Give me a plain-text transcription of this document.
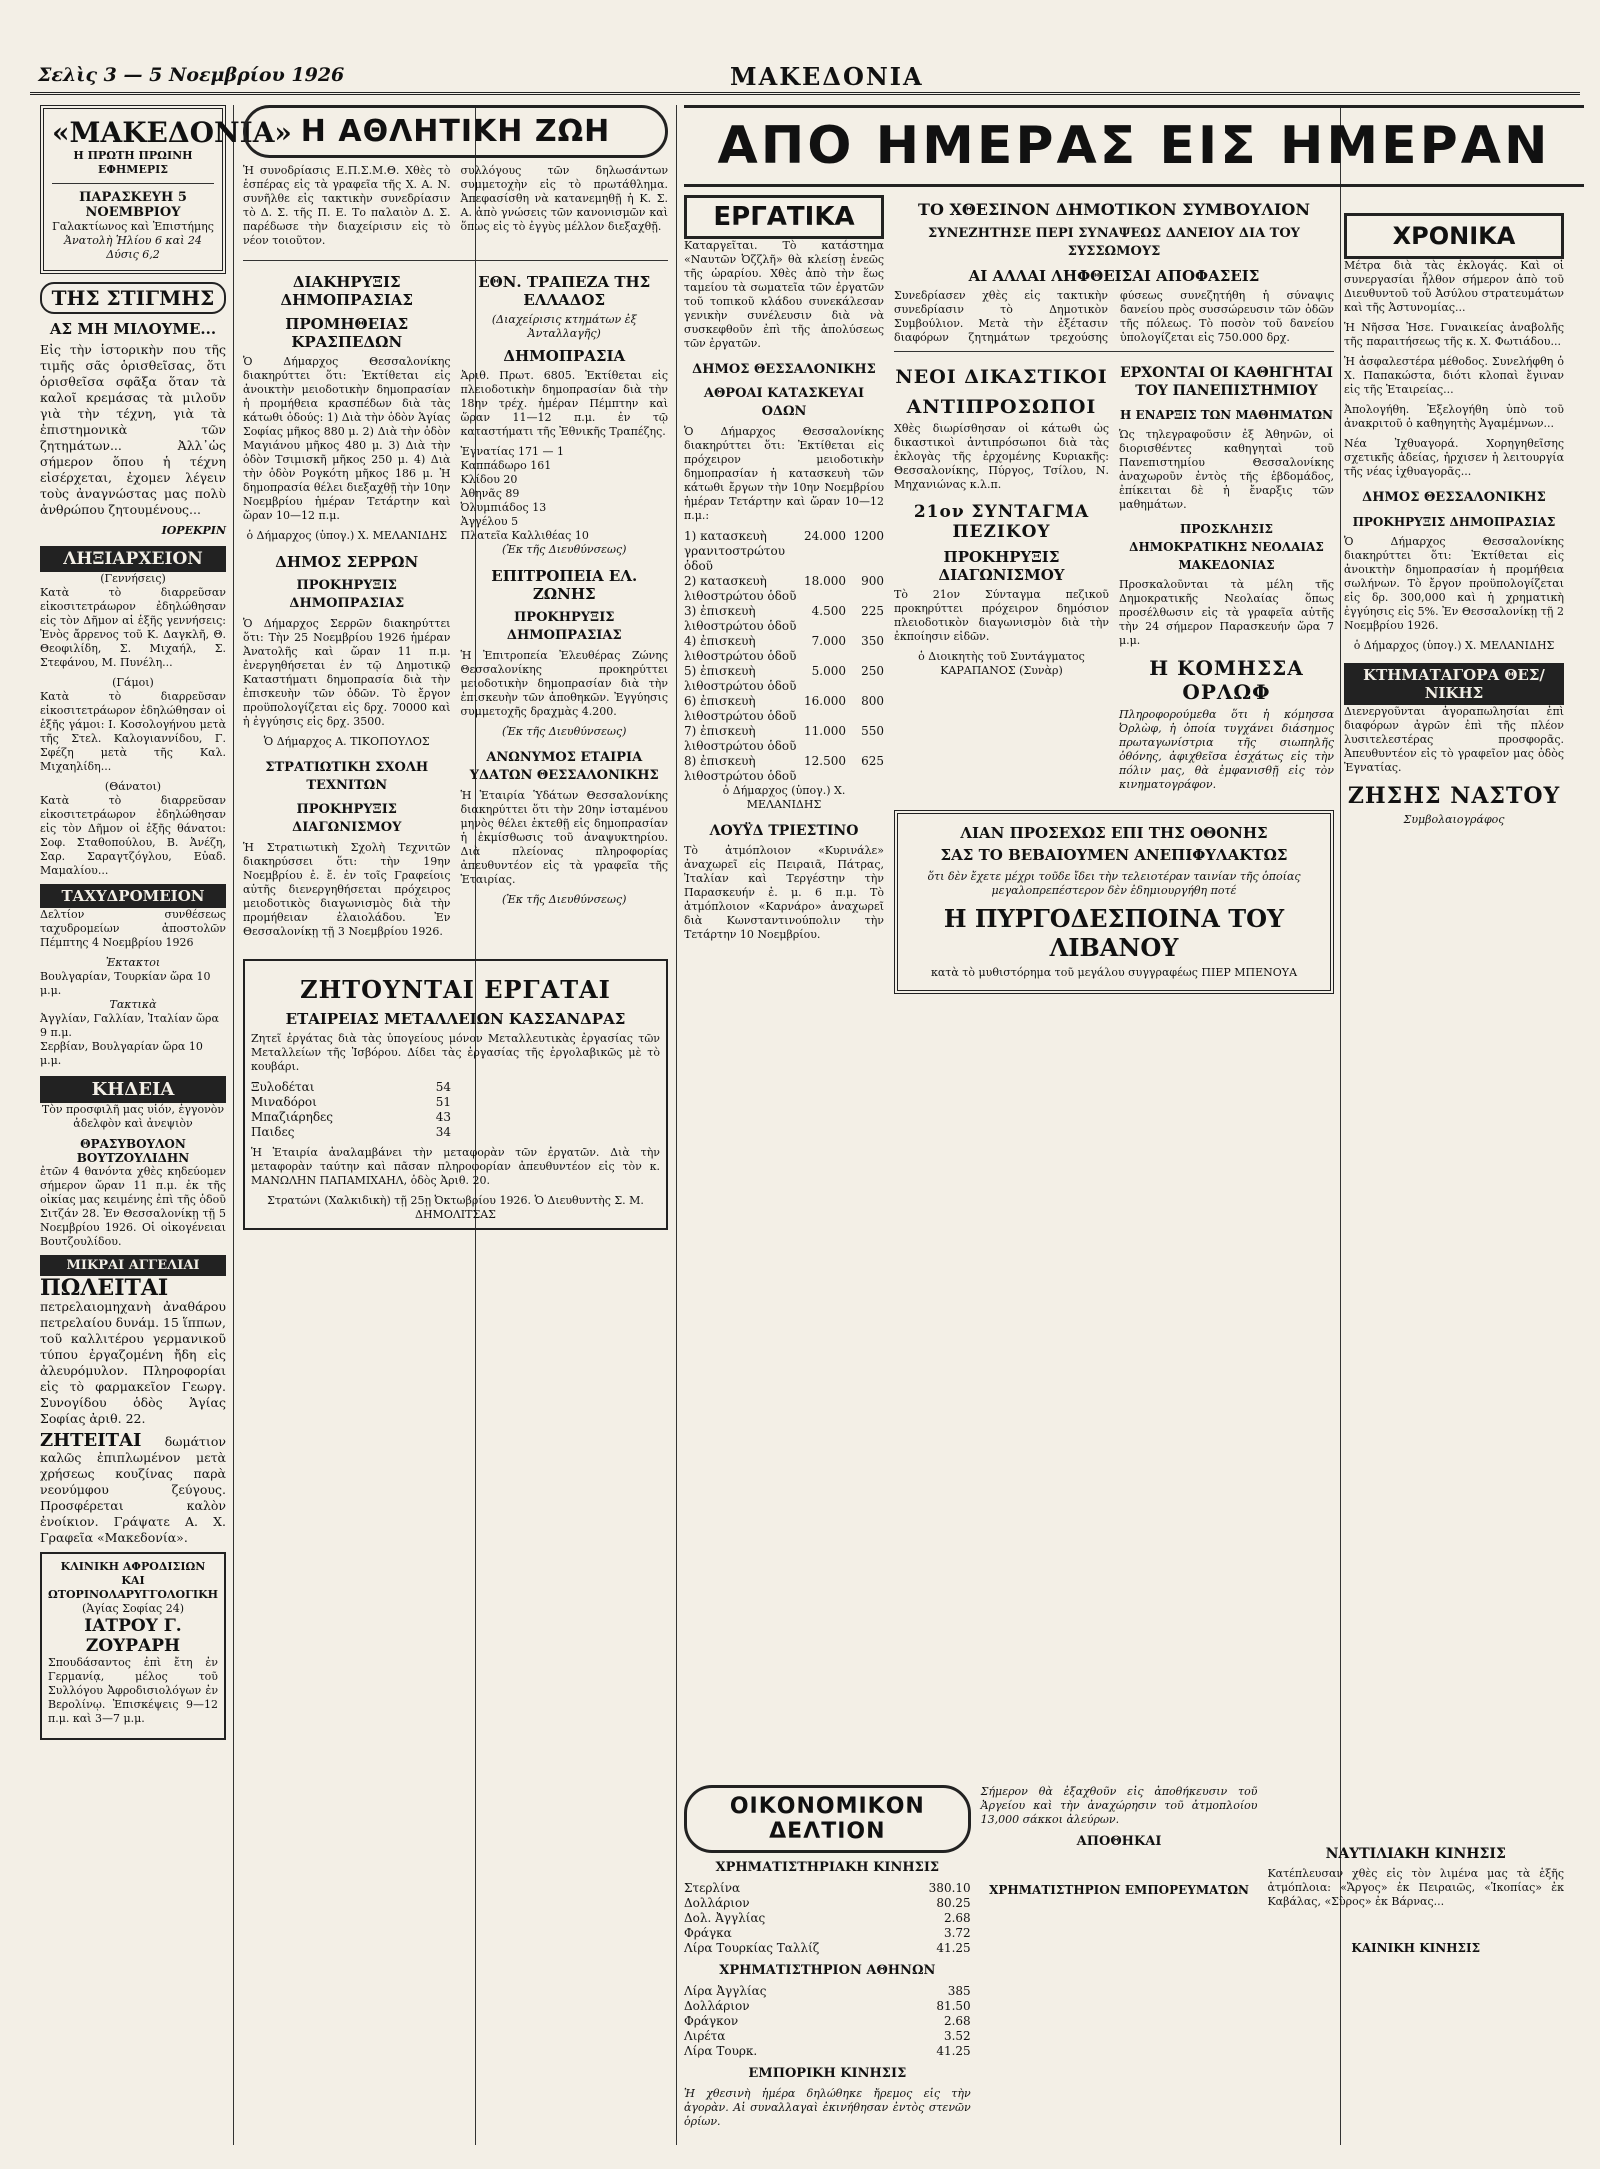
Σελὶς 3 — 5 Νοεμβρίου 1926	ΜΑΚΕΔΟΝΙΑ
«ΜΑΚΕΔΟΝΙΑ»
Η ΠΡΩΤΗ ΠΡΩΙΝΗ ΕΦΗΜΕΡΙΣ
ΠΑΡΑΣΚΕΥΗ 5 ΝΟΕΜΒΡΙΟΥ
Γαλακτίωνος καὶ Ἐπιστήμης
Ἀνατολὴ Ἡλίου 6 καὶ 24 Δύσις 6,2
ΤΗΣ ΣΤΙΓΜΗΣ
ΑΣ ΜΗ ΜΙΛΟΥΜΕ...

Εἰς τὴν ἱστορικὴν που τῆς τιμῆς σᾶς ὁρισθεῖσας, ὅτι ὁρισθεῖσα σφᾶξα ὅταν τὰ καλοῖ κρεμάσας τὰ μιλοῦν γιὰ τὴν τέχνη, γιὰ τὰ ἐπιστημονικὰ τῶν ζητημάτων... Ἀλλ᾽ὡς σήμερον ὅπου ἡ τέχνη εἰσέρχεται, ἐχομεν λέγειν τοὺς ἀναγνώστας μας πολὺ ἀνθρώπου ζητουμένους...

ΙΟΡΕΚΡΙΝ
ΛΗΞΙΑΡΧΕΙΟΝ
(Γεννήσεις)

Κατὰ τὸ διαρρεῦσαν εἰκοσιτετράωρον ἐδηλώθησαν εἰς τὸν Δῆμον αἱ ἑξῆς γεννήσεις: Ἐνὸς ἄρρενος τοῦ Κ. Δαγκλῆ, Θ. Θεοφιλίδη, Σ. Μιχαήλ, Σ. Στεφάνου, Μ. Πυνέλη...

(Γάμοι)

Κατὰ τὸ διαρρεῦσαν εἰκοσιτετράωρον ἐδηλώθησαν οἱ ἑξῆς γάμοι: Ι. Κοσολογήνου μετὰ τῆς Στελ. Καλογιαννίδου, Γ. Σφέζη μετὰ τῆς Καλ. Μιχαηλίδη...

(Θάνατοι)

Κατὰ τὸ διαρρεῦσαν εἰκοσιτετράωρον ἐδηλώθησαν εἰς τὸν Δῆμον οἱ ἑξῆς θάνατοι: Σοφ. Σταθοπούλου, Β. Ἀνέζη, Σαρ. Σαραγτζόγλου, Εὐαδ. Μαμαλίου...

ΤΑΧΥΔΡΟΜΕΙΟΝ

Δελτίον συνθέσεως ταχυδρομείων ἀποστολῶν Πέμπτης 4 Νοεμβρίου 1926

Ἐκτακτοι
Βουλγαρίαν, Τουρκίαν ὥρα 10 μ.μ.
Τακτικὰ
Ἀγγλίαν, Γαλλίαν, Ἰταλίαν ὥρα 9 π.μ.
Σερβίαν, Βουλγαρίαν ὥρα 10 μ.μ.
ΚΗΔΕΙΑ

Τὸν προσφιλῆ μας υἱόν, ἐγγονὸν ἀδελφὸν καὶ ἀνεψιὸν

ΘΡΑΣΥΒΟΥΛΟΝ ΒΟΥΤΖΟΥΛΙΔΗΝ

ἐτῶν 4 θανόντα χθὲς κηδεύομεν σήμερον ὥραν 11 π.μ. ἐκ τῆς οἰκίας μας κειμένης ἐπὶ τῆς ὁδοῦ Σιτζάν 28. Ἐν Θεσσαλονίκῃ τῇ 5 Νοεμβρίου 1926. Οἱ οἰκογένειαι Βουτζουλίδου.

ΜΙΚΡΑΙ ΑΓΓΕΛΙΑΙ

ΠΩΛΕΙΤΑΙ πετρελαιομηχανὴ ἀναθάρου πετρελαίου δυνάμ. 15 ἵππων, τοῦ καλλιτέρου γερμανικοῦ τύπου ἐργαζομένη ἤδη εἰς ἀλευρόμυλον. Πληροφορίαι εἰς τὸ φαρμακεῖον Γεωργ. Συνογίδου ὁδὸς Ἁγίας Σοφίας ἀριθ. 22.

ΖΗΤΕΙΤΑΙ δωμάτιον καλῶς ἐπιπλωμένον μετὰ χρήσεως κουζίνας παρὰ νεονύμφου ζεύγους. Προσφέρεται καλὸν ἐνοίκιον. Γράψατε Α. Χ. Γραφεῖα «Μακεδονία».

ΚΛΙΝΙΚΗ ΑΦΡΟΔΙΣΙΩΝ ΚΑΙ ΩΤΟΡΙΝΟΛΑΡΥΓΓΟΛΟΓΙΚΗ
(Ἁγίας Σοφίας 24)
ΙΑΤΡΟΥ Γ. ΖΟΥΡΑΡΗ

Σπουδάσαντος ἐπὶ ἔτη ἐν Γερμανίᾳ, μέλος τοῦ Συλλόγου Ἀφροδισιολόγων ἐν Βερολίνῳ. Ἐπισκέψεις 9—12 π.μ. καὶ 3—7 μ.μ.

Η ΑΘΛΗΤΙΚΗ ΖΩΗ

Ἡ συνοδρίασις Ε.Π.Σ.Μ.Θ. Χθὲς τὸ ἑσπέρας εἰς τὰ γραφεῖα τῆς Χ. Α. Ν. συνῆλθε εἰς τακτικὴν συνεδρίασιν τὸ Δ. Σ. τῆς Π. Ε. Το παλαιὸν Δ. Σ. παρέδωσε τὴν διαχείρισιν εἰς τὸ νέον τοιοῦτον.

συλλόγους τῶν δηλωσάντων συμμετοχὴν εἰς τὸ πρωτάθλημα. Ἀπεφασίσθη νὰ κατανεμηθῇ ἡ Κ. Σ. Α. ἀπὸ γνώσεις τῶν κανονισμῶν καὶ ὅπως εἰς τὸ ἐγγὺς μέλλον διεξαχθῇ.

ΔΙΑΚΗΡΥΞΙΣ ΔΗΜΟΠΡΑΣΙΑΣ
ΠΡΟΜΗΘΕΙΑΣ ΚΡΑΣΠΕΔΩΝ

Ὁ Δήμαρχος Θεσσαλονίκης διακηρύττει ὅτι: Ἐκτίθεται εἰς ἀνοικτὴν μειοδοτικὴν δημοπρασίαν ἡ προμήθεια κρασπέδων διὰ τὰς κάτωθι ὁδούς: 1) Διὰ τὴν ὁδὸν Ἁγίας Σοφίας μῆκος 880 μ. 2) Διὰ τὴν ὁδὸν Μαγιάνου μῆκος 480 μ. 3) Διὰ τὴν ὁδὸν Τσιμισκῆ μῆκος 250 μ. 4) Διὰ τὴν ὁδὸν Ρογκότη μῆκος 186 μ. Ἡ δημοπρασία θέλει διεξαχθῇ τὴν 10ην Νοεμβρίου ἡμέραν Τετάρτην καὶ ὥραν 10—12 π.μ.

ὁ Δήμαρχος (ὑπογ.) Χ. ΜΕΛΑΝΙΔΗΣ
ΔΗΜΟΣ ΣΕΡΡΩΝ
ΠΡΟΚΗΡΥΞΙΣ ΔΗΜΟΠΡΑΣΙΑΣ

Ὁ Δήμαρχος Σερρῶν διακηρύττει ὅτι: Τὴν 25 Νοεμβρίου 1926 ἡμέραν Ἀνατολῆς καὶ ὥραν 11 π.μ. ἐνεργηθήσεται ἐν τῷ Δημοτικῷ Καταστήματι δημοπρασία διὰ τὴν ἐπισκευὴν τῶν ὁδῶν. Τὸ ἔργον προϋπολογίζεται εἰς δρχ. 70000 καὶ ἡ ἐγγύησις εἰς δρχ. 3500.

Ὁ Δήμαρχος Α. ΤΙΚΟΠΟΥΛΟΣ
ΣΤΡΑΤΙΩΤΙΚΗ ΣΧΟΛΗ ΤΕΧΝΙΤΩΝ
ΠΡΟΚΗΡΥΞΙΣ ΔΙΑΓΩΝΙΣΜΟΥ

Ἡ Στρατιωτικὴ Σχολὴ Τεχνιτῶν διακηρύσσει ὅτι: τὴν 19ην Νοεμβρίου ἐ. ἔ. ἐν τοῖς Γραφείοις αὐτῆς διενεργηθήσεται πρόχειρος μειοδοτικὸς διαγωνισμὸς διὰ τὴν προμήθειαν ἐλαιολάδου. Ἐν Θεσσαλονίκῃ τῇ 3 Νοεμβρίου 1926.

ΕΘΝ. ΤΡΑΠΕΖΑ ΤΗΣ ΕΛΛΑΔΟΣ
(Διαχείρισις κτημάτων ἐξ Ἀνταλλαγῆς)
ΔΗΜΟΠΡΑΣΙΑ

Ἀριθ. Πρωτ. 6805. Ἐκτίθεται εἰς πλειοδοτικὴν δημοπρασίαν διὰ τὴν 18ην τρέχ. ἡμέραν Πέμπτην καὶ ὥραν 11—12 π.μ. ἐν τῷ καταστήματι τῆς Ἐθνικῆς Τραπέζης.

Ἐγνατίας 171 — 1
Καππάδωρο 161
Κλίδου 20
Ἀθηνᾶς 89
Ὀλυμπιάδος 13
Ἀγγέλου 5
Πλατεῖα Καλλιθέας 10
(Ἐκ τῆς Διευθύνσεως)
ΕΠΙΤΡΟΠΕΙΑ ΕΛ. ΖΩΝΗΣ
ΠΡΟΚΗΡΥΞΙΣ ΔΗΜΟΠΡΑΣΙΑΣ

Ἡ Ἐπιτροπεία Ἐλευθέρας Ζώνης Θεσσαλονίκης προκηρύττει μειοδοτικὴν δημοπρασίαν διὰ τὴν ἐπισκευὴν τῶν ἀποθηκῶν. Ἐγγύησις συμμετοχῆς δραχμὰς 4.200.

(Ἐκ τῆς Διευθύνσεως)
ΑΝΩΝΥΜΟΣ ΕΤΑΙΡΙΑ ΥΔΑΤΩΝ ΘΕΣΣΑΛΟΝΙΚΗΣ

Ἡ Ἑταιρία Ὑδάτων Θεσσαλονίκης διακηρύττει ὅτι τὴν 20ην ἰσταμένου μηνὸς θέλει ἐκτεθῇ εἰς δημοπρασίαν ἡ ἐκμίσθωσις τοῦ ἀναψυκτηρίου. Διὰ πλείονας πληροφορίας ἀπευθυντέον εἰς τὰ γραφεῖα τῆς Ἑταιρίας.

(Ἐκ τῆς Διευθύνσεως)
ΖΗΤΟΥΝΤΑΙ ΕΡΓΑΤΑΙ
ΕΤΑΙΡΕΙΑΣ ΜΕΤΑΛΛΕΙΩΝ ΚΑΣΣΑΝΔΡΑΣ

Ζητεῖ ἐργάτας διὰ τὰς ὑπογείους μόνον Μεταλλευτικὰς ἐργασίας τῶν Μεταλλείων τῆς Ἰσβόρου. Δίδει τὰς ἐργασίας τῆς ἐργολαβικῶς μὲ τὸ κουβάρι.

Ξυλοδέται	54
Μιναδόροι	51
Μπαζιάρηδες	43
Παιδες	34

Ἡ Ἑταιρία ἀναλαμβάνει τὴν μεταφορὰν τῶν ἐργατῶν. Διὰ τὴν μεταφορὰν ταύτην καὶ πᾶσαν πληροφορίαν ἀπευθυντέον εἰς τὸν κ. ΜΑΝΩΛΗΝ ΠΑΠΑΜΙΧΑΗΛ, ὁδὸς Ἀριθ. 20.

Στρατώνι (Χαλκιδικὴ) τῇ 25ῃ Ὀκτωβρίου 1926. Ὁ Διευθυντὴς Σ. Μ. ΔΗΜΟΛΙΤΣΑΣ
ΑΠΟ ΗΜΕΡΑΣ ΕΙΣ ΗΜΕΡΑΝ
ΕΡΓΑΤΙΚΑ

Καταργεῖται. Τὸ κατάστημα «Ναυτῶν Ὀζζλῆ» θὰ κλείσῃ ἐνεῶς τῆς ὡραρίου. Χθὲς ἀπὸ τὴν ἕως ταμείου τὰ σωματεῖα τῶν ἐργατῶν τοῦ τοπικοῦ κλάδου συνεκάλεσαν γενικὴν συνέλευσιν διὰ νὰ συσκεφθοῦν ἐπὶ τῆς ἀπολύσεως τῶν ἐργατῶν.

ΔΗΜΟΣ ΘΕΣΣΑΛΟΝΙΚΗΣ
ΑΘΡΟΑΙ ΚΑΤΑΣΚΕΥΑΙ ΟΔΩΝ

Ὁ Δήμαρχος Θεσσαλονίκης διακηρύττει ὅτι: Ἐκτίθεται εἰς πρόχειρον μειοδοτικὴν δημοπρασίαν ἡ κατασκευὴ τῶν κάτωθι ἔργων τὴν 10ην Νοεμβρίου ἡμέραν Τετάρτην καὶ ὥραν 10—12 π.μ.:

1) κατασκευὴ γρανιτοστρώτου ὁδοῦ
24.000 1200
2) κατασκευὴ λιθοστρώτου ὁδοῦ
18.000	900
3) ἐπισκευὴ λιθοστρώτου ὁδοῦ
4.500	225
4) ἐπισκευὴ λιθοστρώτου ὁδοῦ
7.000	350
5) ἐπισκευὴ λιθοστρώτου ὁδοῦ
5.000	250
6) ἐπισκευὴ λιθοστρώτου ὁδοῦ
16.000	800
7) ἐπισκευὴ λιθοστρώτου ὁδοῦ
11.000	550
8) ἐπισκευὴ λιθοστρώτου ὁδοῦ
12.500	625
ὁ Δήμαρχος (ὑπογ.) Χ. ΜΕΛΑΝΙΔΗΣ
ΛΟΥΫΔ ΤΡΙΕΣΤΙΝΟ

Τὸ ἀτμόπλοιον «Κυρινάλε» ἀναχωρεῖ εἰς Πειραιᾶ, Πάτρας, Ἰταλίαν καὶ Τεργέστην τὴν Παρασκευήν ἐ. μ. 6 π.μ. Τὸ ἀτμόπλοιον «Καρνάρο» ἀναχωρεῖ διὰ Κωνσταντινούπολιν τὴν Τετάρτην 10 Νοεμβρίου.

ΤΟ ΧΘΕΣΙΝΟΝ ΔΗΜΟΤΙΚΟΝ ΣΥΜΒΟΥΛΙΟΝ
ΣΥΝΕΖΗΤΗΣΕ ΠΕΡΙ ΣΥΝΑΨΕΩΣ ΔΑΝΕΙΟΥ ΔΙΑ ΤΟΥ ΣΥΣΣΩΜΟΥΣ
ΑΙ ΑΛΛΑΙ ΛΗΦΘΕΙΣΑΙ ΑΠΟΦΑΣΕΙΣ

Συνεδρίασεν χθὲς εἰς τακτικὴν συνεδρίασιν τὸ Δημοτικὸν Συμβούλιον. Μετὰ τὴν ἐξέτασιν διαφόρων ζητημάτων τρεχούσης φύσεως συνεζητήθη ἡ σύναψις δανείου πρὸς συσσώρευσιν τῶν ὁδῶν τῆς πόλεως. Τὸ ποσὸν τοῦ δανείου ὑπολογίζεται εἰς 750.000 δρχ.

ΝΕΟΙ ΔΙΚΑΣΤΙΚΟΙ
ΑΝΤΙΠΡΟΣΩΠΟΙ

Χθὲς διωρίσθησαν οἱ κάτωθι ὡς δικαστικοὶ ἀντιπρόσωποι διὰ τὰς ἐκλογὰς τῆς ἐρχομένης Κυριακῆς: Θεσσαλονίκης, Πύργος, Τσίλου, Ν. Μηχανιώνας κ.λ.π.

21ον ΣΥΝΤΑΓΜΑ ΠΕΖΙΚΟΥ
ΠΡΟΚΗΡΥΞΙΣ ΔΙΑΓΩΝΙΣΜΟΥ

Τὸ 21ον Σύνταγμα πεζικοῦ προκηρύττει πρόχειρον δημόσιον πλειοδοτικὸν διαγωνισμὸν διὰ τὴν ἐκποίησιν εἰδῶν.

ὁ Διοικητὴς τοῦ Συντάγματος ΚΑΡΑΠΑΝΟΣ (Συνὰρ)
ΕΡΧΟΝΤΑΙ ΟΙ ΚΑΘΗΓΗΤΑΙ ΤΟΥ ΠΑΝΕΠΙΣΤΗΜΙΟΥ
Η ΕΝΑΡΞΙΣ ΤΩΝ ΜΑΘΗΜΑΤΩΝ

Ὡς τηλεγραφοῦσιν ἐξ Ἀθηνῶν, οἱ διορισθέντες καθηγηταὶ τοῦ Πανεπιστημίου Θεσσαλονίκης ἀναχωροῦν ἐντὸς τῆς ἑβδομάδος, ἐπίκειται δὲ ἡ ἔναρξις τῶν μαθημάτων.

ΠΡΟΣΚΛΗΣΙΣ ΔΗΜΟΚΡΑΤΙΚΗΣ ΝΕΟΛΑΙΑΣ ΜΑΚΕΔΟΝΙΑΣ

Προσκαλοῦνται τὰ μέλη τῆς Δημοκρατικῆς Νεολαίας ὅπως προσέλθωσιν εἰς τὰ γραφεῖα αὐτῆς τὴν 24 σήμερον Παρασκευήν ὥρα 7 μ.μ.

Η ΚΟΜΗΣΣΑ ΟΡΛΩΦ

Πληροφορούμεθα ὅτι ἡ κόμησσα Ὀρλὼφ, ἡ ὁποία τυγχάνει διάσημος πρωταγωνίστρια τῆς σιωπηλῆς ὀθόνης, ἀφιχθεῖσα ἐσχάτως εἰς τὴν πόλιν μας, θὰ ἐμφανισθῇ εἰς τὸν κινηματογράφον.

ΛΙΑΝ ΠΡΟΣΕΧΩΣ ΕΠΙ ΤΗΣ ΟΘΟΝΗΣ
ΣΑΣ ΤΟ ΒΕΒΑΙΟΥΜΕΝ ΑΝΕΠΙΦΥΛΑΚΤΩΣ
ὅτι δὲν ἔχετε μέχρι τοῦδε ἴδει τὴν τελειοτέραν ταινίαν τῆς ὁποίας μεγαλοπρεπέστερον δὲν ἐδημιουργήθη ποτέ
Η ΠΥΡΓΟΔΕΣΠΟΙΝΑ ΤΟΥ ΛΙΒΑΝΟΥ
κατὰ τὸ μυθιστόρημα τοῦ μεγάλου συγγραφέως ΠΙΕΡ ΜΠΕΝΟΥΑ
ΧΡΟΝΙΚΑ

Μέτρα διὰ τὰς ἐκλογάς. Καὶ οἱ συνεργασίαι ἦλθον σήμερον ἀπὸ τοῦ Διευθυντοῦ τοῦ Ἀσύλου στρατευμάτων καὶ τῆς Ἀστυνομίας...

Ἡ Νῆσσα Ἠσε. Γυναικείας ἀναβολῆς τῆς παραιτήσεως τῆς κ. Χ. Φωτιάδου...

Ἡ ἀσφαλεστέρα μέθοδος. Συνελήφθη ὁ Χ. Παπακώστα, διότι κλοπαὶ ἔγιναν εἰς τῆς Ἑταιρείας...

Ἀπολογήθη. Ἐξελογήθη ὑπὸ τοῦ ἀνακριτοῦ ὁ καθηγητὴς Ἀγαμέμνων...

Νέα Ἰχθυαγορά. Χορηγηθεῖσης σχετικῆς ἀδείας, ἠρχισεν ἡ λειτουργία τῆς νέας ἰχθυαγορᾶς...

ΔΗΜΟΣ ΘΕΣΣΑΛΟΝΙΚΗΣ
ΠΡΟΚΗΡΥΞΙΣ ΔΗΜΟΠΡΑΣΙΑΣ

Ὁ Δήμαρχος Θεσσαλονίκης διακηρύττει ὅτι: Ἐκτίθεται εἰς ἀνοικτὴν δημοπρασίαν ἡ προμήθεια σωλήνων. Τὸ ἔργον προϋπολογίζεται εἰς δρ. 300,000 καὶ ἡ χρηματικὴ ἐγγύησις εἰς 5%. Ἐν Θεσσαλονίκῃ τῇ 2 Νοεμβρίου 1926.

ὁ Δήμαρχος (ὑπογ.) Χ. ΜΕΛΑΝΙΔΗΣ
ΚΤΗΜΑΤΑΓΟΡΑ ΘΕΣ/ΝΙΚΗΣ

Διενεργοῦνται ἀγοραπωλησίαι ἐπὶ διαφόρων ἀγρῶν ἐπὶ τῆς πλέον λυσιτελεστέρας προσφορᾶς. Ἀπευθυντέον εἰς τὸ γραφεῖον μας ὁδὸς Ἐγνατίας.

ΖΗΣΗΣ ΝΑΣΤΟΥ
Συμβολαιογράφος
ΟΙΚΟΝΟΜΙΚΟΝ ΔΕΛΤΙΟΝ
ΧΡΗΜΑΤΙΣΤΗΡΙΑΚΗ ΚΙΝΗΣΙΣ
Στερλίνα	380.10
Δολλάριον	80.25
Δολ. Ἀγγλίας	2.68
Φράγκα	3.72
Λίρα Τουρκίας Ταλλίζ	41.25
ΧΡΗΜΑΤΙΣΤΗΡΙΟΝ ΑΘΗΝΩΝ
Λίρα Ἀγγλίας	385
Δολλάριον	81.50
Φράγκον	2.68
Λιρέτα	3.52
Λίρα Τουρκ.	41.25
ΕΜΠΟΡΙΚΗ ΚΙΝΗΣΙΣ

Ἡ χθεσινὴ ἡμέρα δηλώθηκε ἤρεμος εἰς τὴν ἀγορὰν. Αἱ συναλλαγαὶ ἐκινήθησαν ἐντὸς στενῶν ὁρίων.

Σήμερον θὰ ἐξαχθοῦν εἰς ἀποθήκευσιν τοῦ Ἀργείου καὶ τὴν ἀναχώρησιν τοῦ ἀτμοπλοίου 13,000 σάκκοι ἀλεύρων.

ΑΠΟΘΗΚΑΙ
ΧΡΗΜΑΤΙΣΤΗΡΙΟΝ ΕΜΠΟΡΕΥΜΑΤΩΝ
ΝΑΥΤΙΛΙΑΚΗ ΚΙΝΗΣΙΣ

Κατέπλευσαν χθὲς εἰς τὸν λιμένα μας τὰ ἑξῆς ἀτμόπλοια: «Ἄργος» ἐκ Πειραιῶς, «Ἱκοπίας» ἐκ Καβάλας, «Σὺρος» ἐκ Βάρνας...

ΚΑΙΝΙΚΗ ΚΙΝΗΣΙΣ
